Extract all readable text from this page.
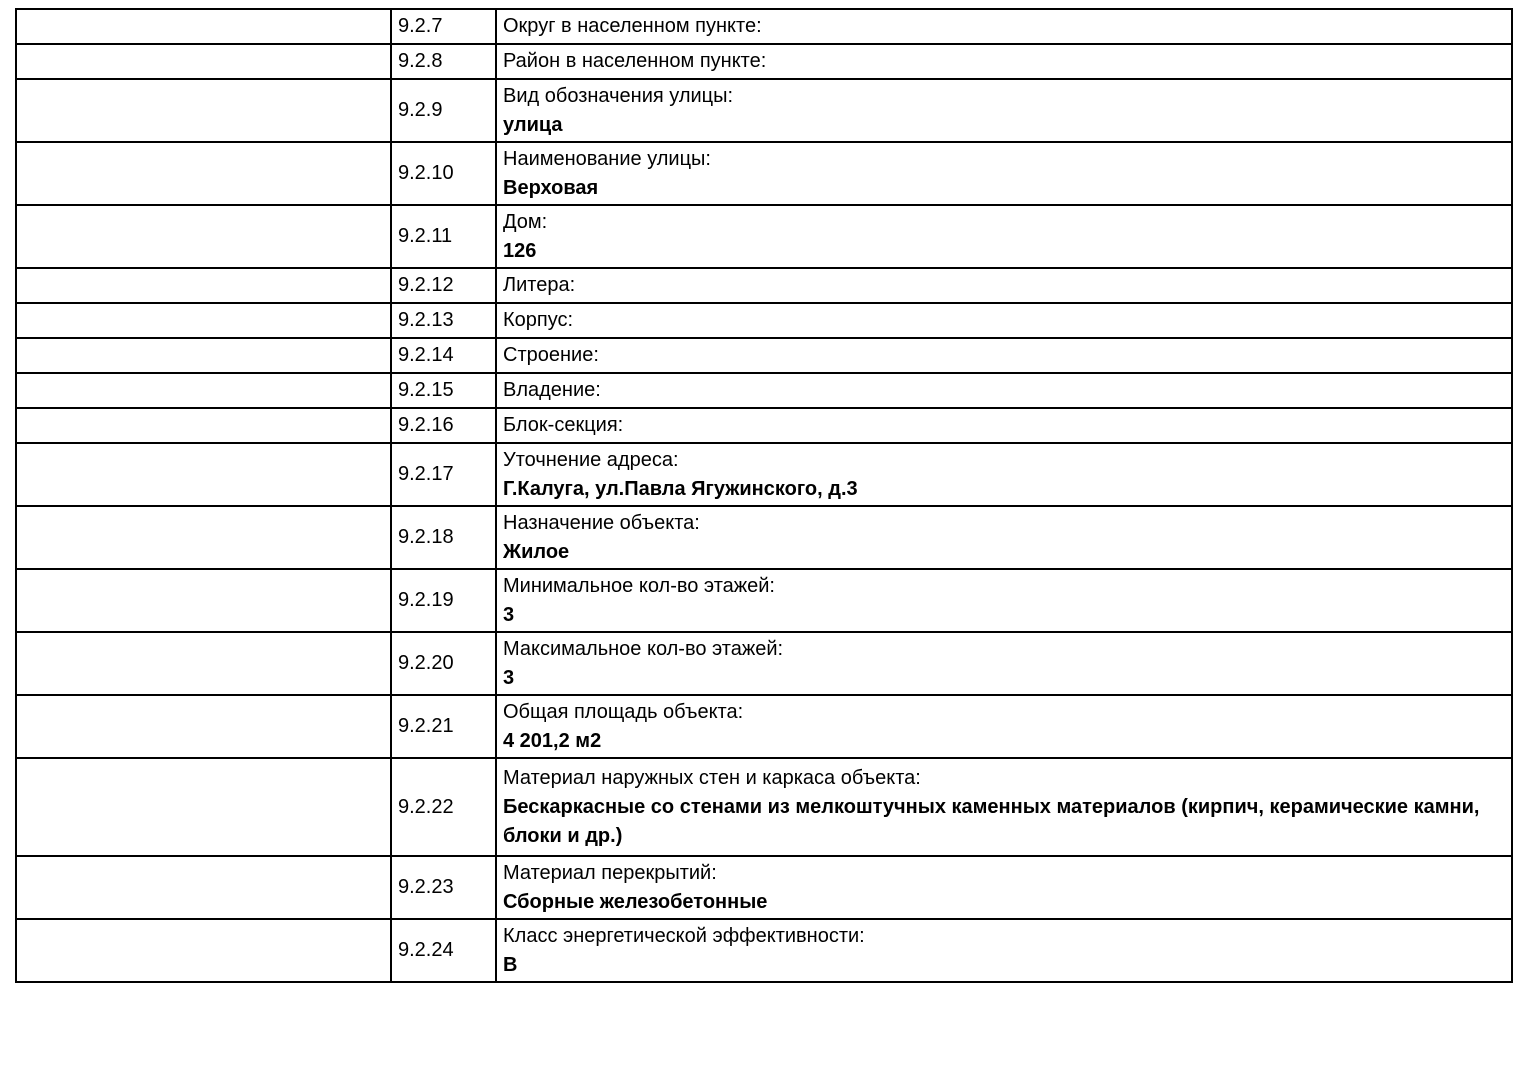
	9.2.7	Округ в населенном пункте:

	9.2.8	Район в населенном пункте:

	9.2.9	Вид обозначения улицы:
улица

	9.2.10	Наименование улицы:
Верховая

	9.2.11	Дом:
126

	9.2.12	Литера:

	9.2.13	Корпус:

	9.2.14	Строение:

	9.2.15	Владение:

	9.2.16	Блок-секция:

	9.2.17	Уточнение адреса:
Г.Калуга, ул.Павла Ягужинского, д.3

	9.2.18	Назначение объекта:
Жилое

	9.2.19	Минимальное кол-во этажей:
3

	9.2.20	Максимальное кол-во этажей:
3

	9.2.21	Общая площадь объекта:
4 201,2 м2

	9.2.22	Материал наружных стен и каркаса объекта:
Бескаркасные со стенами из мелкоштучных каменных материалов (кирпич, керамические камни, блоки и др.)

	9.2.23	Материал перекрытий:
Сборные железобетонные

	9.2.24	Класс энергетической эффективности:
В
